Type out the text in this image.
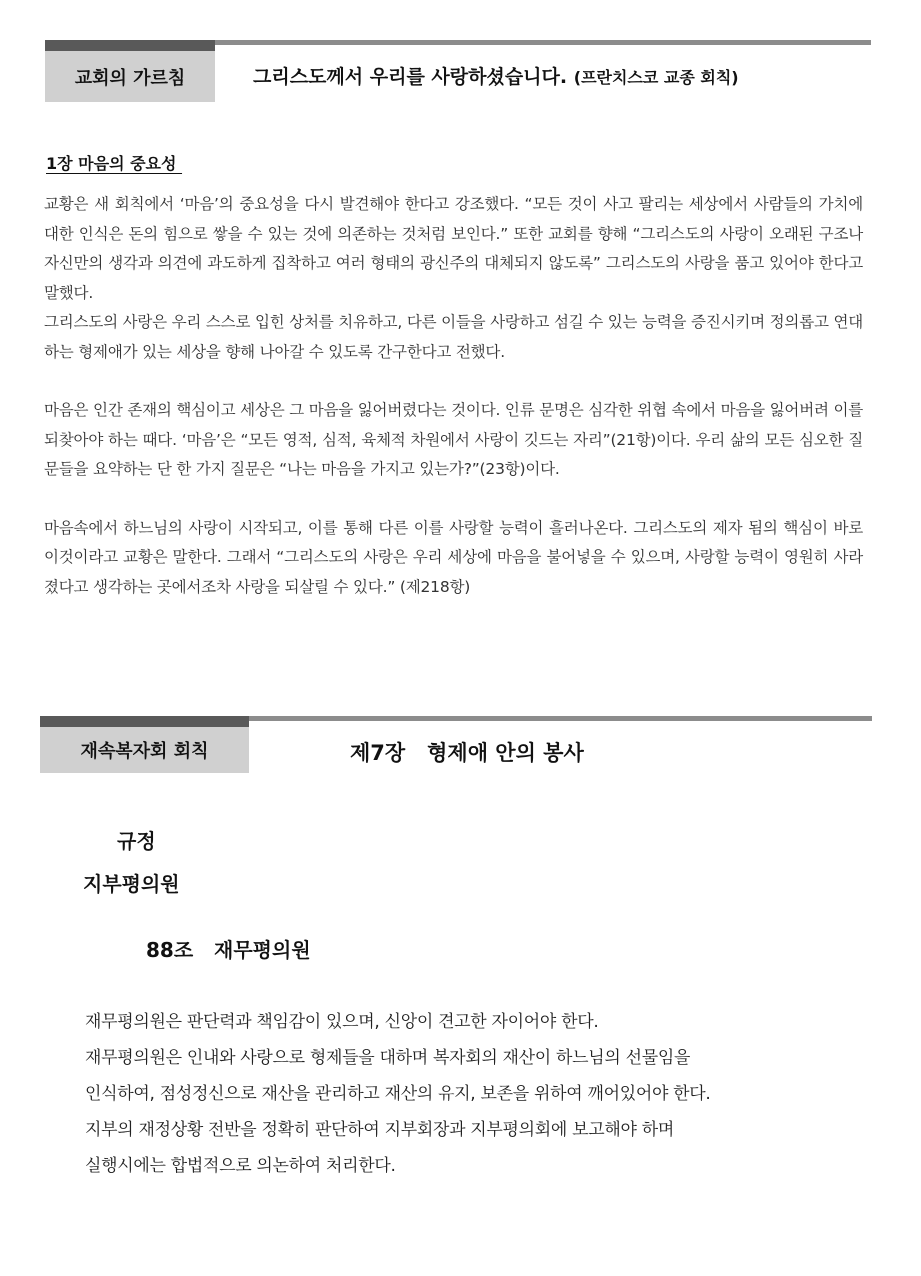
교회의 가르침	그리스도께서 우리를 사랑하셨습니다. (프란치스코 교종 회칙)
1장 마음의 중요성

교황은 새 회칙에서 ‘마음’의 중요성을 다시 발견해야 한다고 강조했다. “모든 것이 사고 팔리는 세상에서 사람들의 가치에 대한 인식은 돈의 힘으로 쌓을 수 있는 것에 의존하는 것처럼 보인다.” 또한 교회를 향해 “그리스도의 사랑이 오래된 구조나 자신만의 생각과 의견에 과도하게 집착하고 여러 형태의 광신주의 대체되지 않도록” 그리스도의 사랑을 품고 있어야 한다고 말했다.

그리스도의 사랑은 우리 스스로 입힌 상처를 치유하고, 다른 이들을 사랑하고 섬길 수 있는 능력을 증진시키며 정의롭고 연대하는 형제애가 있는 세상을 향해 나아갈 수 있도록 간구한다고 전했다.

마음은 인간 존재의 핵심이고 세상은 그 마음을 잃어버렸다는 것이다. 인류 문명은 심각한 위협 속에서 마음을 잃어버려 이를 되찾아야 하는 때다. ‘마음’은 “모든 영적, 심적, 육체적 차원에서 사랑이 깃드는 자리”(21항)이다. 우리 삶의 모든 심오한 질문들을 요약하는 단 한 가지 질문은 “나는 마음을 가지고 있는가?”(23항)이다.

마음속에서 하느님의 사랑이 시작되고, 이를 통해 다른 이를 사랑할 능력이 흘러나온다. 그리스도의 제자 됨의 핵심이 바로 이것이라고 교황은 말한다. 그래서 “그리스도의 사랑은 우리 세상에 마음을 불어넣을 수 있으며, 사랑할 능력이 영원히 사라졌다고 생각하는 곳에서조차 사랑을 되살릴 수 있다.” (제218항)

재속복자회 회칙	제7장   형제애 안의 봉사
규정
지부평의원
88조   재무평의원

재무평의원은 판단력과 책임감이 있으며, 신앙이 견고한 자이어야 한다.

재무평의원은 인내와 사랑으로 형제들을 대하며 복자회의 재산이 하느님의 선물임을

인식하여, 점성정신으로 재산을 관리하고 재산의 유지, 보존을 위하여 깨어있어야 한다.

지부의 재정상황 전반을 정확히 판단하여 지부회장과 지부평의회에 보고해야 하며

실행시에는 합법적으로 의논하여 처리한다.
